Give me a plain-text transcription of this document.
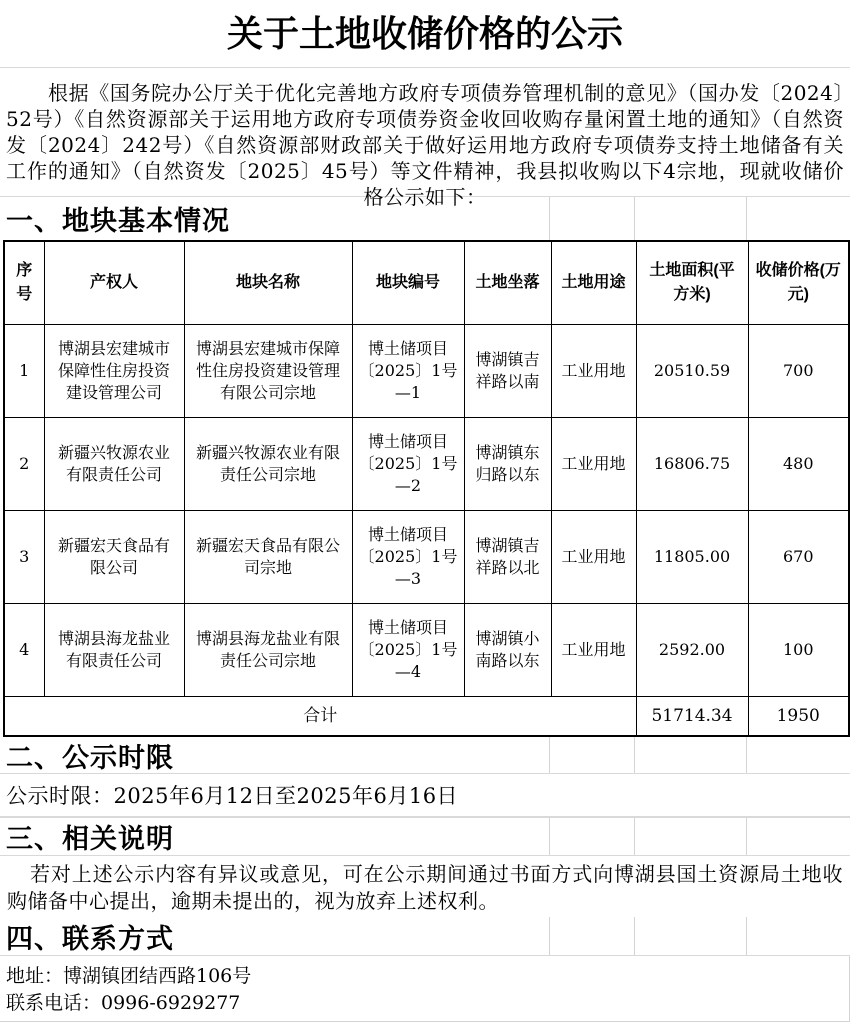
关于土地收储价格的公示
根据《国务院办公厅关于优化完善地方政府专项债券管理机制的意见》（国办发〔2024〕52号）《自然资源部关于运用地方政府专项债券资金收回收购存量闲置土地的通知》（自然资发〔2024〕242号）《自然资源部财政部关于做好运用地方政府专项债券支持土地储备有关工作的通知》（自然资发〔2025〕45号）等文件精神，我县拟收购以下4宗地，现就收储价格公示如下：
一、地块基本情况
序号	产权人	地块名称	地块编号	土地坐落	土地用途	土地面积(平方米)	收储价格(万元)
1	博湖县宏建城市保障性住房投资建设管理公司	博湖县宏建城市保障性住房投资建设管理有限公司宗地	博土储项目〔2025〕1号—1	博湖镇吉祥路以南	工业用地	20510.59	700
2	新疆兴牧源农业有限责任公司	新疆兴牧源农业有限责任公司宗地	博土储项目〔2025〕1号—2	博湖镇东归路以东	工业用地	16806.75	480
3	新疆宏天食品有限公司	新疆宏天食品有限公司宗地	博土储项目〔2025〕1号—3	博湖镇吉祥路以北	工业用地	11805.00	670
4	博湖县海龙盐业有限责任公司	博湖县海龙盐业有限责任公司宗地	博土储项目〔2025〕1号—4	博湖镇小南路以东	工业用地	2592.00	100
合计						51714.34	1950
二、公示时限
公示时限：2025年6月12日至2025年6月16日
三、相关说明
若对上述公示内容有异议或意见，可在公示期间通过书面方式向博湖县国土资源局土地收购储备中心提出，逾期未提出的，视为放弃上述权利。
四、联系方式
地址：博湖镇团结西路106号
联系电话：0996-6929277
